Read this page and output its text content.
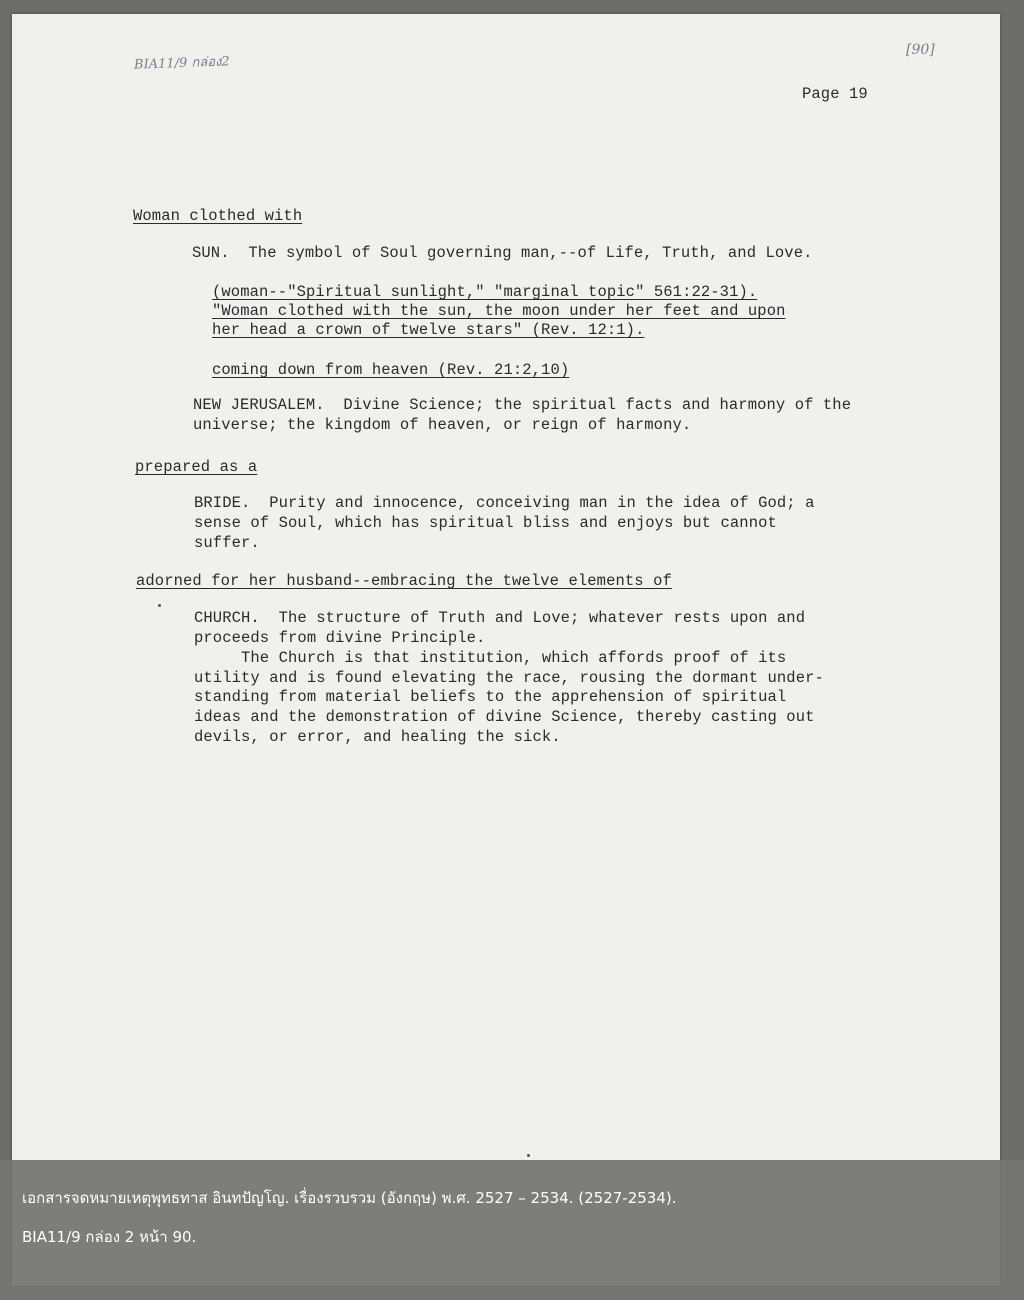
BIA11/9 กล่อง2
[90]
Page 19
Woman clothed with
SUN.  The symbol of Soul governing man,--of Life, Truth, and Love.
(woman--"Spiritual sunlight," "marginal topic" 561:22-31).
"Woman clothed with the sun, the moon under her feet and upon
her head a crown of twelve stars" (Rev. 12:1).
coming down from heaven (Rev. 21:2,10)
NEW JERUSALEM.  Divine Science; the spiritual facts and harmony of the
universe; the kingdom of heaven, or reign of harmony.
prepared as a
BRIDE.  Purity and innocence, conceiving man in the idea of God; a
sense of Soul, which has spiritual bliss and enjoys but cannot
suffer.
adorned for her husband--embracing the twelve elements of
CHURCH.  The structure of Truth and Love; whatever rests upon and
proceeds from divine Principle.
The Church is that institution, which affords proof of its
utility and is found elevating the race, rousing the dormant under-
standing from material beliefs to the apprehension of spiritual
ideas and the demonstration of divine Science, thereby casting out
devils, or error, and healing the sick.
เอกสารจดหมายเหตุพุทธทาส อินทปัญโญ. เรื่องรวบรวม (อังกฤษ) พ.ศ. 2527 – 2534. (2527-2534).
BIA11/9 กล่อง 2 หน้า 90.
